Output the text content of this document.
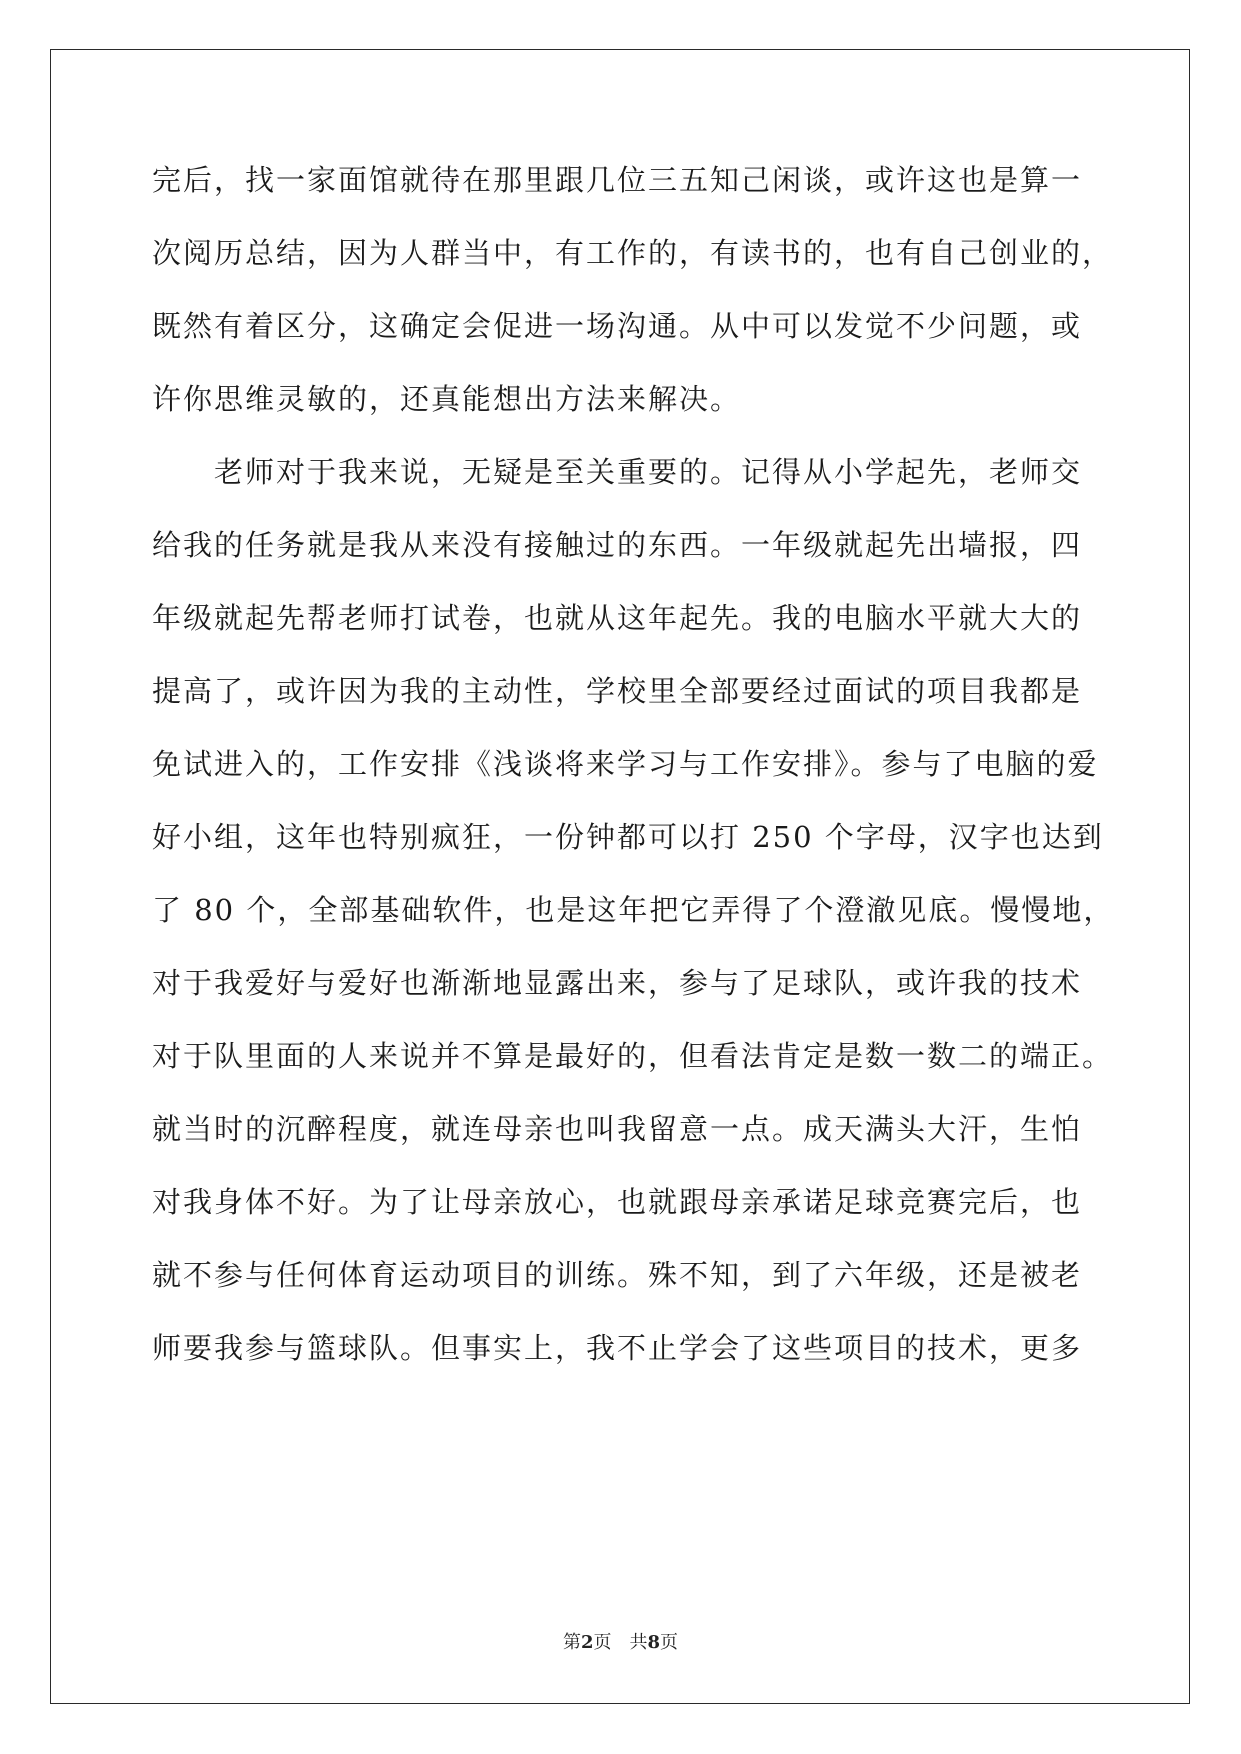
完后，找一家面馆就待在那里跟几位三五知己闲谈，或许这也是算一
次阅历总结，因为人群当中，有工作的，有读书的，也有自己创业的，
既然有着区分，这确定会促进一场沟通。从中可以发觉不少问题，或
许你思维灵敏的，还真能想出方法来解决。
　　老师对于我来说，无疑是至关重要的。记得从小学起先，老师交
给我的任务就是我从来没有接触过的东西。一年级就起先出墙报，四
年级就起先帮老师打试卷，也就从这年起先。我的电脑水平就大大的
提高了，或许因为我的主动性，学校里全部要经过面试的项目我都是
免试进入的，工作安排《浅谈将来学习与工作安排》。参与了电脑的爱
好小组，这年也特别疯狂，一份钟都可以打 250 个字母，汉字也达到
了 80 个，全部基础软件，也是这年把它弄得了个澄澈见底。慢慢地，
对于我爱好与爱好也渐渐地显露出来，参与了足球队，或许我的技术
对于队里面的人来说并不算是最好的，但看法肯定是数一数二的端正。
就当时的沉醉程度，就连母亲也叫我留意一点。成天满头大汗，生怕
对我身体不好。为了让母亲放心，也就跟母亲承诺足球竞赛完后，也
就不参与任何体育运动项目的训练。殊不知，到了六年级，还是被老
师要我参与篮球队。但事实上，我不止学会了这些项目的技术，更多
第2页　共8页
